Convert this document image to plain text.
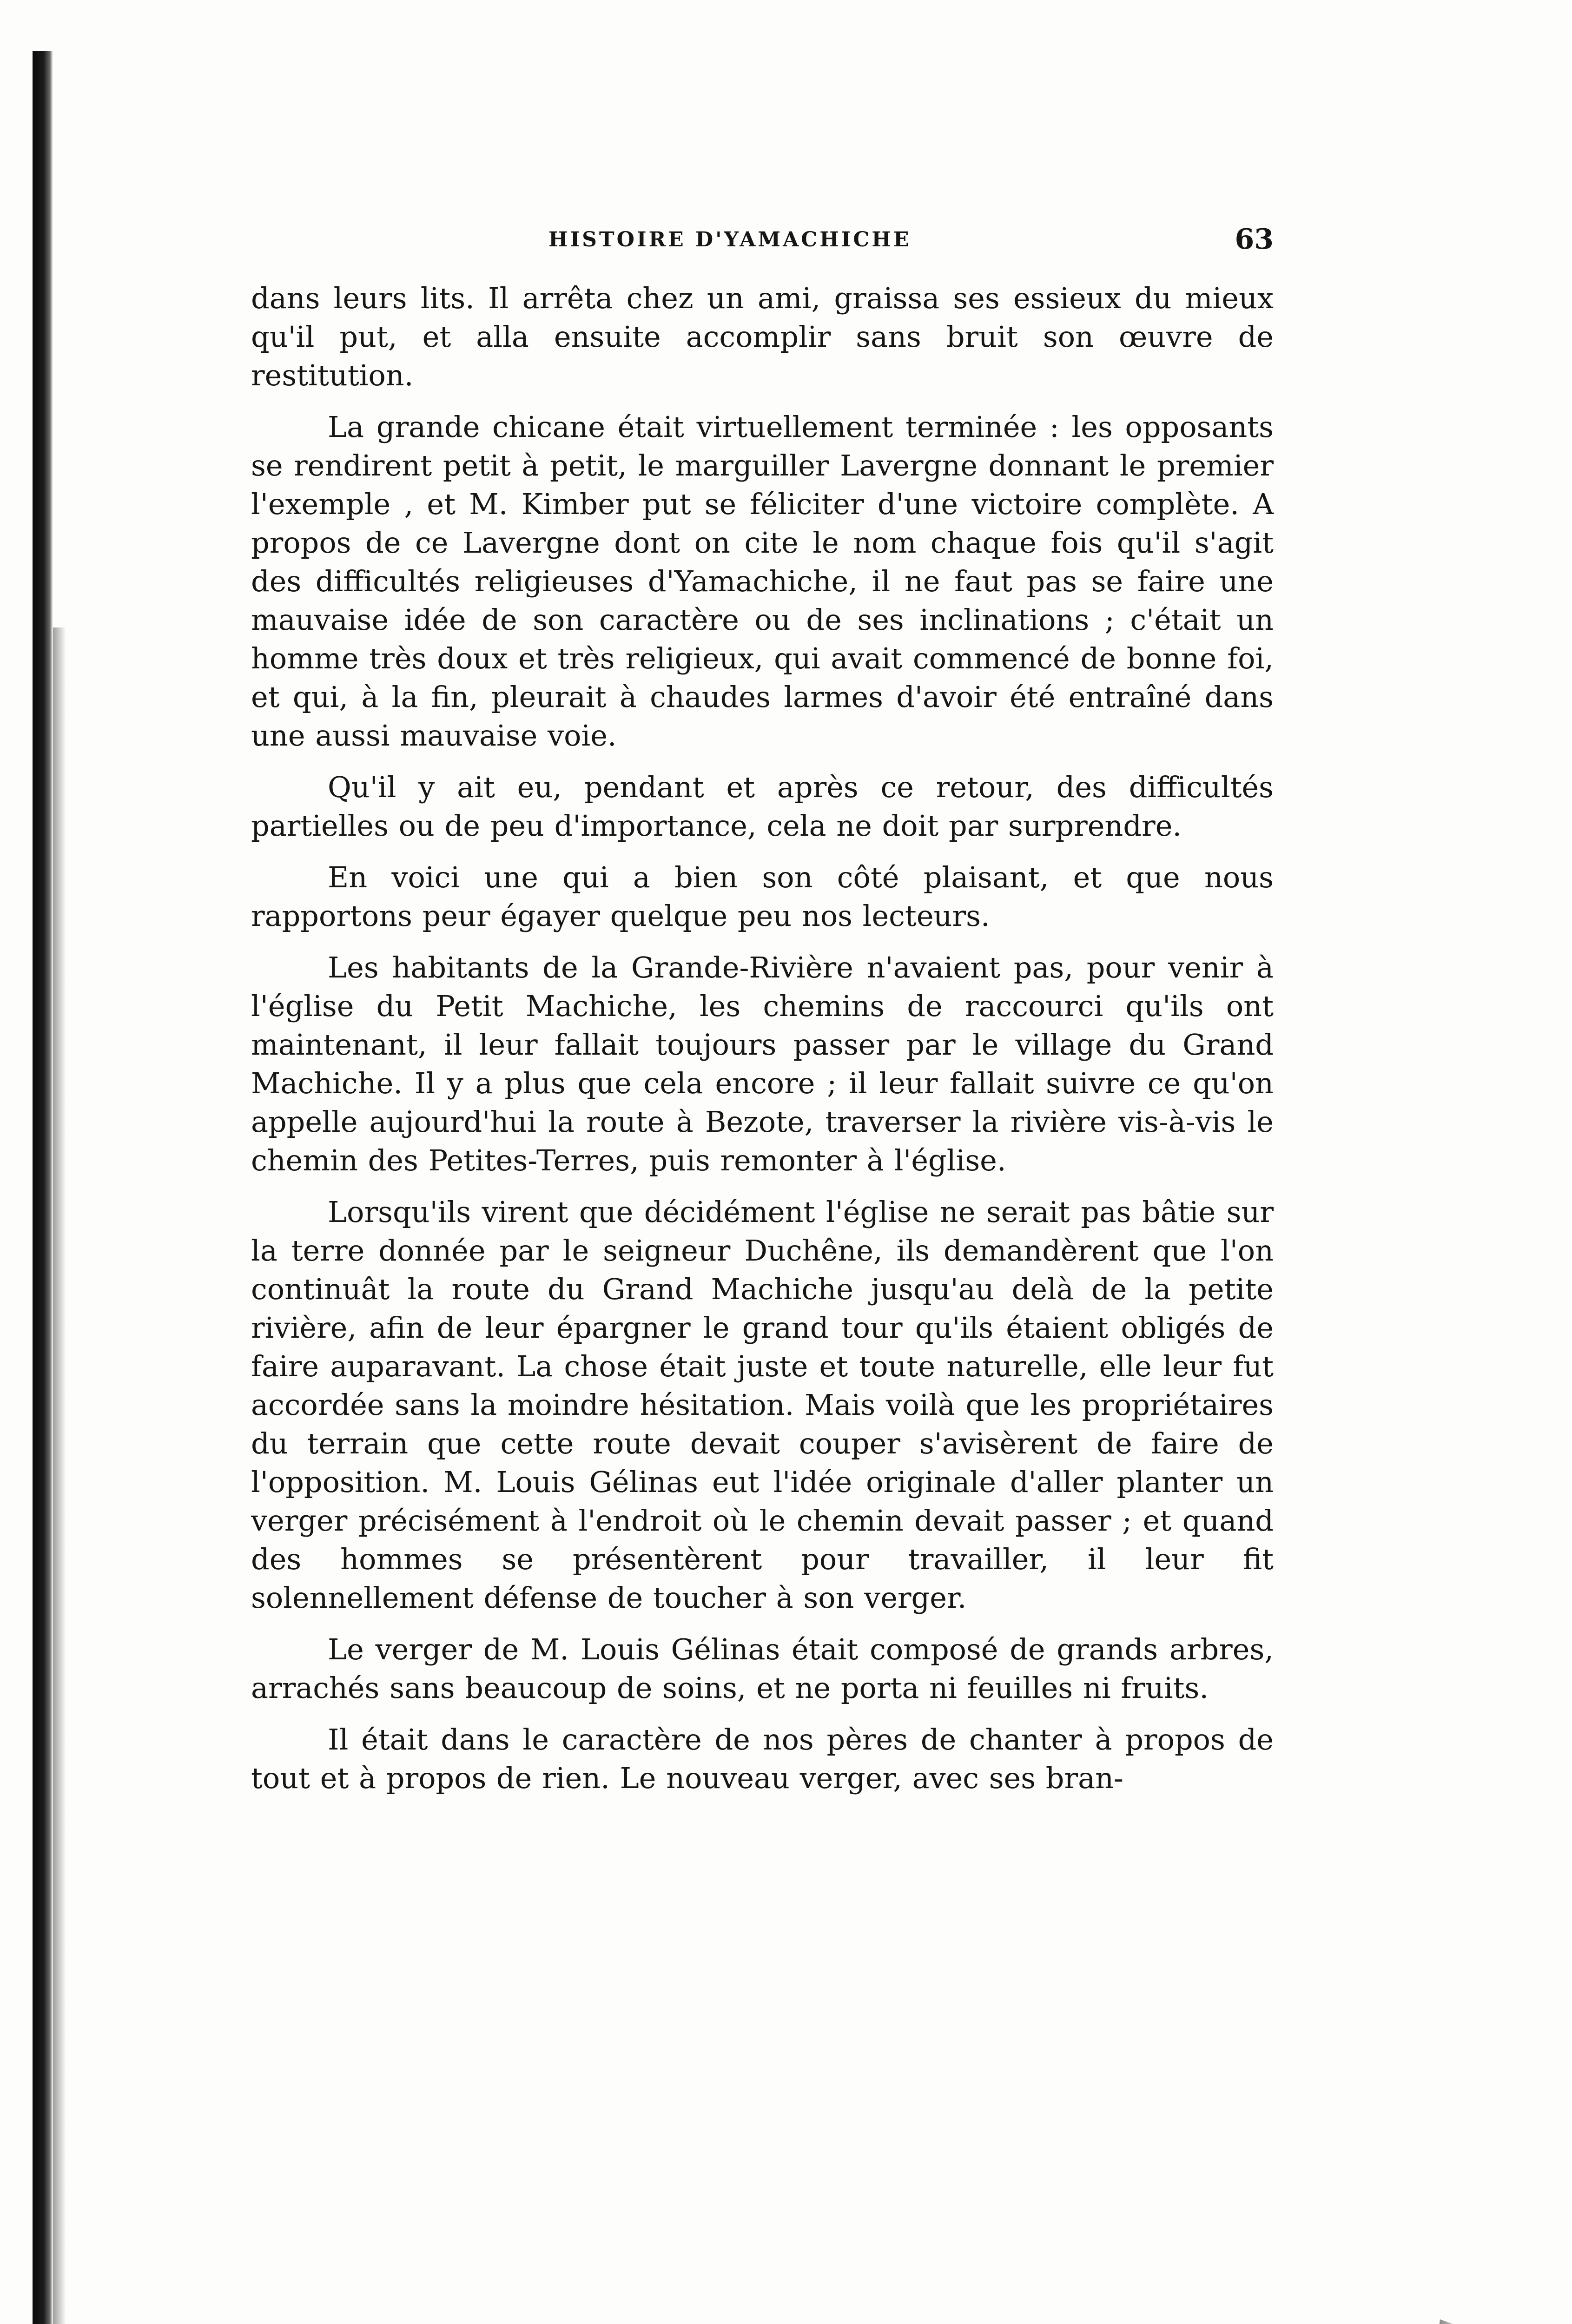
HISTOIRE D'YAMACHICHE	63

dans leurs lits. Il arrêta chez un ami, graissa ses essieux du mieux qu'il put, et alla ensuite accomplir sans bruit son œuvre de restitution.

La grande chicane était virtuellement terminée : les opposants se rendirent petit à petit, le marguiller Lavergne donnant le premier l'exemple , et M. Kimber put se féliciter d'une victoire complète. A propos de ce Lavergne dont on cite le nom chaque fois qu'il s'agit des difficultés religieuses d'Yamachiche, il ne faut pas se faire une mauvaise idée de son caractère ou de ses inclinations ; c'était un homme très doux et très religieux, qui avait commencé de bonne foi, et qui, à la fin, pleurait à chaudes larmes d'avoir été entraîné dans une aussi mauvaise voie.

Qu'il y ait eu, pendant et après ce retour, des difficultés partielles ou de peu d'importance, cela ne doit par surprendre.

En voici une qui a bien son côté plaisant, et que nous rapportons peur égayer quelque peu nos lecteurs.

Les habitants de la Grande-Rivière n'avaient pas, pour venir à l'église du Petit Machiche, les chemins de raccourci qu'ils ont maintenant, il leur fallait toujours passer par le village du Grand Machiche. Il y a plus que cela encore ; il leur fallait suivre ce qu'on appelle aujourd'hui la route à Bezote, traverser la rivière vis-à-vis le chemin des Petites-Terres, puis remonter à l'église.

Lorsqu'ils virent que décidément l'église ne serait pas bâtie sur la terre donnée par le seigneur Duchêne, ils demandèrent que l'on continuât la route du Grand Machiche jusqu'au delà de la petite rivière, afin de leur épargner le grand tour qu'ils étaient obligés de faire auparavant. La chose était juste et toute naturelle, elle leur fut accordée sans la moindre hésitation. Mais voilà que les propriétaires du terrain que cette route devait couper s'avisèrent de faire de l'opposition. M. Louis Gélinas eut l'idée originale d'aller planter un verger précisément à l'endroit où le chemin devait passer ; et quand des hommes se présentèrent pour travailler, il leur fit solennellement défense de toucher à son verger.

Le verger de M. Louis Gélinas était composé de grands arbres, arrachés sans beaucoup de soins, et ne porta ni feuilles ni fruits.

Il était dans le caractère de nos pères de chanter à propos de tout et à propos de rien. Le nouveau verger, avec ses bran-
